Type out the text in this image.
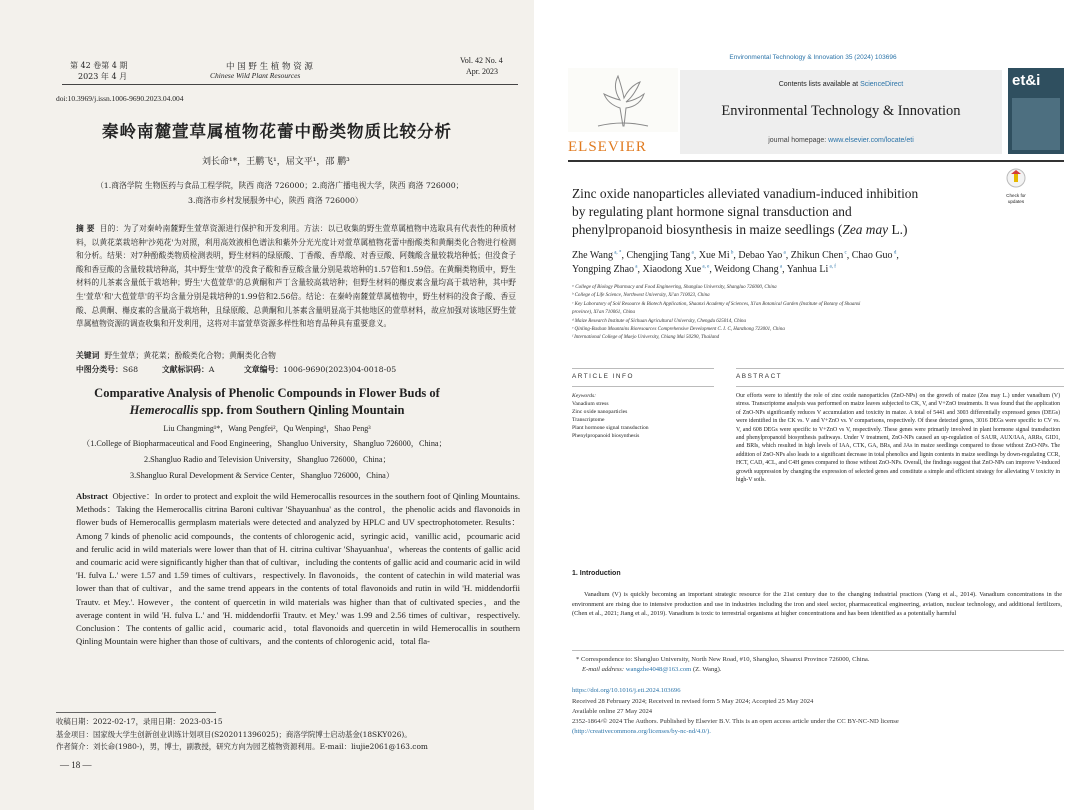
第 42 卷第 4 期
2023 年 4 月
中 国 野 生 植 物 资 源
Chinese Wild Plant Resources
Vol. 42 No. 4
Apr. 2023
doi:10.3969/j.issn.1006-9690.2023.04.004
秦岭南麓萱草属植物花蕾中酚类物质比较分析
刘长命¹*，王鹏飞¹，屈文平¹，邵 鹏³
（1.商洛学院 生物医药与食品工程学院，陕西 商洛 726000；2.商洛广播电视大学，陕西 商洛 726000；
3.商洛市乡村发展服务中心，陕西 商洛 726000）
摘 要 目的：为了对秦岭南麓野生萱草资源进行保护和开发利用。方法：以已收集的野生萱草属植物中选取具有代表性的种质材料，以黄花菜栽培种'沙苑花'为对照，利用高效液相色谱法和紫外分光光度计对萱草属植物花蕾中酚酸类和黄酮类化合物进行检测和分析。结果：对7种酚酸类物质检测表明，野生材料的绿原酸、丁香酸、香草酸、对香豆酸、阿魏酸含量较栽培种低；但没食子酸和香豆酸的含量较栽培种高，其中野生'萱草'的没食子酸和香豆酸含量分别是栽培种的1.57倍和1.59倍。在黄酮类物质中，野生材料的儿茶素含量低于栽培种；野生'大苞萱草'的总黄酮和芦丁含量较高栽培种；但野生材料的槲皮素含量均高于栽培种，其中野生'萱草'和'大苞萱草'的平均含量分别是栽培种的1.99倍和2.56倍。结论：在秦岭南麓萱草属植物中，野生材料的没食子酸、香豆酸、总黄酮、槲皮素的含量高于栽培种，且绿原酸、总黄酮和儿茶素含量明显高于其他地区的萱草材料，故应加强对该地区野生萱草属植物资源的调查收集和开发利用，这将对丰富萱草资源多样性和培育品种具有重要意义。
关键词 野生萱草；黄花菜；酚酸类化合物；黄酮类化合物
中图分类号：S68	文献标识码：A	文章编号：1006-9690(2023)04-0018-05
Comparative Analysis of Phenolic Compounds in Flower Buds of
Hemerocallis spp. from Southern Qinling Mountain
Liu Changming¹*，Wang Pengfei²，Qu Wenping¹，Shao Peng³
（1.College of Biopharmaceutical and Food Engineering，Shangluo University，Shangluo 726000，China；
2.Shangluo Radio and Television University，Shangluo 726000，China；
3.Shangluo Rural Development & Service Center，Shangluo 726000，China）
Abstract Objective：In order to protect and exploit the wild Hemerocallis resources in the southern foot of Qinling Mountains. Methods：Taking the Hemerocallis citrina Baroni cultivar 'Shayuanhua' as the control，the phenolic acids and flavonoids in flower buds of Hemerocallis germplasm materials were detected and analyzed by HPLC and UV spectrophotometer. Results：Among 7 kinds of phenolic acid compounds，the contents of chlorogenic acid，syringic acid，vanillic acid，pcoumaric acid and ferulic acid in wild materials were lower than that of H. citrina cultivar 'Shayuanhua'，whereas the contents of gallic acid and coumaric acid were significantly higher than that of cultivar，including the contents of gallic acid and coumaric acid in wild 'H. fulva L.' were 1.57 and 1.59 times of cultivars，respectively. In flavonoids，the content of catechin in wild material was lower than that of cultivar，and the same trend appears in the contents of total flavonoids and rutin in wild 'H. middendorfii Trautv. et Mey.'. However，the content of quercetin in wild materials was higher than that of cultivated species，and the average content in wild 'H. fulva L.' and 'H. middendorfii Trautv. et Mey.' was 1.99 and 2.56 times of cultivar，respectively. Conclusion：The contents of gallic acid，coumaric acid，total flavonoids and quercetin in wild Hemerocallis in southern Qinling Mountain were higher than those of cultivars，and the contents of chlorogenic acid，total fla-
收稿日期：2022-02-17，录用日期：2023-03-15
基金项目：国家级大学生创新创业训练计划项目(S202011396025)；商洛学院博士启动基金(18SKY026)。
作者简介：刘长命(1980-)，男，博士，副教授，研究方向为园艺植物资源利用。E-mail：liujie2061@163.com
— 18 —
Environmental Technology & Innovation 35 (2024) 103696
ELSEVIER
Contents lists available at ScienceDirect
Environmental Technology & Innovation
journal homepage: www.elsevier.com/locate/eti
et&i
Check for updates
Zinc oxide nanoparticles alleviated vanadium-induced inhibition
by regulating plant hormone signal transduction and
phenylpropanoid biosynthesis in maize seedlings (Zea may L.)
Zhe Wang $^{a, *}$, Chengjing Tang $^a$, Xue Mi $^b$, Debao Yao $^a$, Zhikun Chen $^c$, Chao Guo $^d$,
Yongping Zhao $^a$, Xiaodong Xue $^{a, e}$, Weidong Chang $^a$, Yanhua Li $^{a, f}$
ᵃ College of Biology Pharmacy and Food Engineering, Shangluo University, Shangluo 726000, China
ᵇ College of Life Science, Northwest University, Xi'an 710023, China
ᶜ Key Laboratory of Soil Resource & Biotech Application, Shaanxi Academy of Sciences, Xi'an Botanical Garden (Institute of Botany of Shaanxi
province), Xi'an 710061, China
ᵈ Maize Research Institute of Sichuan Agricultural University, Chengdu 625014, China
ᵉ Qinling-Bashan Mountains Bioresources Comprehensive Development C. I. C, Hanzhong 723001, China
ᶠ International College of Maejo University, Chiang Mai 50290, Thailand
ARTICLE INFO	ABSTRACT
Keywords:
Vanadium stress
Zinc oxide nanoparticles
Transcriptome
Plant hormone signal transduction
Phenylpropanoid biosynthesis
Our efforts were to identify the role of zinc oxide nanoparticles (ZnO-NPs) on the growth of maize (Zea may L.) under vanadium (V) stress. Transcriptome analysis was performed on maize leaves subjected to CK, V, and V+ZnO treatments. It was found that the application of ZnO-NPs significantly reduces V accumulation and toxicity in maize. A total of 5441 and 3003 differentially expressed genes (DEGs) were identified in the CK vs. V and V+ZnO vs. V comparisons, respectively. Of these detected genes, 3016 DEGs were specific to CV vs. V, and 608 DEGs were specific to V+ZnO vs V, respectively. These genes were primarily involved in plant hormone signal transduction and phenylpropanoid biosynthesis pathways. Under V treatment, ZnO-NPs caused an up-regulation of SAUR, AUX/IAA, ARRs, GID1, and BRIs, which resulted in high levels of IAA, CTK, GA, BRs, and JAs in maize seedlings compared to those without ZnO-NPs. The addition of ZnO-NPs also leads to a significant decrease in total phenolics and lignin contents in maize seedlings by down-regulating CCR, HCT, CAD, 4CL, and C4H genes compared to those without ZnO-NPs. Overall, the findings suggest that ZnO-NPs can improve V-induced growth suppression by changing the expression of selected genes and constitute a simple and efficient strategy for alleviating V toxicity in high-V soils.
1. Introduction
Vanadium (V) is quickly becoming an important strategic resource for the 21st century due to the changing industrial practices (Yang et al., 2014). Vanadium concentrations in the environment are rising due to intensive production and use in industries including the iron and steel sector, pharmaceutical engineering, aviation, nuclear technology, and additional fertilizers, (Chen et al., 2021; Jiang et al., 2019). Vanadium is toxic to terrestrial organisms at higher concentrations and has been identified as a potentially harmful
* Correspondence to: Shangluo University, North New Road, #10, Shangluo, Shaanxi Province 726000, China.
E-mail address: wangzhe4048@163.com (Z. Wang).
https://doi.org/10.1016/j.eti.2024.103696
Received 28 February 2024; Received in revised form 5 May 2024; Accepted 25 May 2024
Available online 27 May 2024
2352-1864/© 2024 The Authors. Published by Elsevier B.V. This is an open access article under the CC BY-NC-ND license
(http://creativecommons.org/licenses/by-nc-nd/4.0/).
